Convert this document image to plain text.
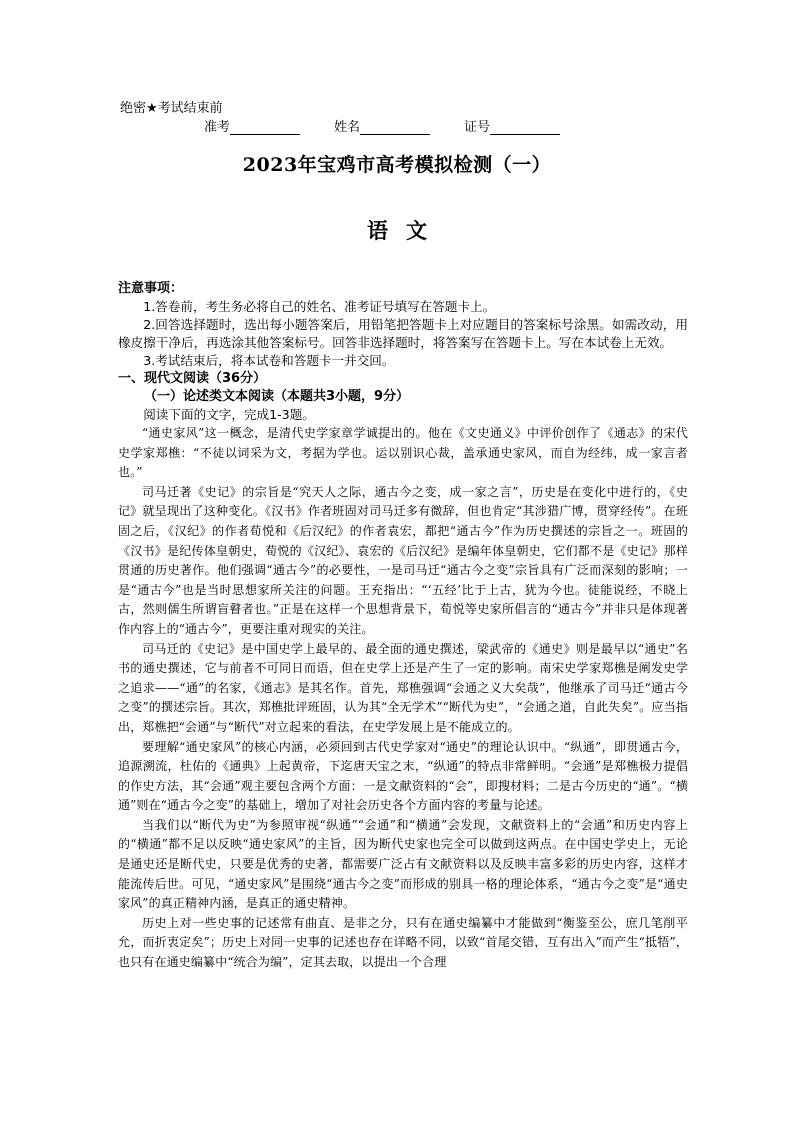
绝密★考试结束前
准考	姓名	证号
2023年宝鸡市高考模拟检测（一）
语文
注意事项：
1.答卷前，考生务必将自己的姓名、准考证号填写在答题卡上。
2.回答选择题时，选出每小题答案后，用铅笔把答题卡上对应题目的答案标号涂黑。如需改动，用橡皮擦干净后，再选涂其他答案标号。回答非选择题时，将答案写在答题卡上。写在本试卷上无效。
3.考试结束后，将本试卷和答题卡一并交回。
一、现代文阅读（36分）
（一）论述类文本阅读（本题共3小题，9分）
阅读下面的文字，完成1-3题。
“通史家风”这一概念，是清代史学家章学诚提出的。他在《文史通义》中评价创作了《通志》的宋代史学家郑樵：“不徒以词采为文，考据为学也。运以别识心裁，盖承通史家风，而自为经纬，成一家言者也。”
司马迁著《史记》的宗旨是“究天人之际，通古今之变，成一家之言”，历史是在变化中进行的，《史记》就呈现出了这种变化。《汉书》作者班固对司马迁多有微辞，但也肯定“其涉猎广博，贯穿经传”。在班固之后，《汉纪》的作者荀悦和《后汉纪》的作者袁宏，都把“通古今”作为历史撰述的宗旨之一。班固的《汉书》是纪传体皇朝史，荀悦的《汉纪》、袁宏的《后汉纪》是编年体皇朝史，它们都不是《史记》那样贯通的历史著作。他们强调“通古今”的必要性，一是司马迁“通古今之变”宗旨具有广泛而深刻的影响；一是“通古今”也是当时思想家所关注的问题。王充指出：“‘五经’比于上古，犹为今也。徒能说经，不晓上古，然则儒生所谓盲瞽者也。”正是在这样一个思想背景下，荀悦等史家所倡言的“通古今”并非只是体现著作内容上的“通古今”，更要注重对现实的关注。
司马迁的《史记》是中国史学上最早的、最全面的通史撰述，梁武帝的《通史》则是最早以“通史”名书的通史撰述，它与前者不可同日而语，但在史学上还是产生了一定的影响。南宋史学家郑樵是阐发史学之追求——“通”的名家，《通志》是其名作。首先，郑樵强调“会通之义大矣哉”，他继承了司马迁“通古今之变”的撰述宗旨。其次，郑樵批评班固，认为其“全无学术”“断代为史”，“会通之道，自此失矣”。应当指出，郑樵把“会通”与“断代”对立起来的看法，在史学发展上是不能成立的。
要理解“通史家风”的核心内涵，必须回到古代史学家对“通史”的理论认识中。“纵通”，即贯通古今，追源溯流，杜佑的《通典》上起黄帝，下迄唐天宝之末，“纵通”的特点非常鲜明。“会通”是郑樵极力提倡的作史方法，其“会通”观主要包含两个方面：一是文献资料的“会”，即搜材料；二是古今历史的“通”。“横通”则在“通古今之变”的基础上，增加了对社会历史各个方面内容的考量与论述。
当我们以“断代为史”为参照审视“纵通”“会通”和“横通”会发现，文献资料上的“会通”和历史内容上的“横通”都不足以反映“通史家风”的主旨，因为断代史家也完全可以做到这两点。在中国史学史上，无论是通史还是断代史，只要是优秀的史著，都需要广泛占有文献资料以及反映丰富多彩的历史内容，这样才能流传后世。可见，“通史家风”是围绕“通古今之变”而形成的别具一格的理论体系，“通古今之变”是“通史家风”的真正精神内涵，是真正的通史精神。
历史上对一些史事的记述常有曲直、是非之分，只有在通史编纂中才能做到“衡鉴至公，庶几笔削平允，而折衷定矣”；历史上对同一史事的记述也存在详略不同，以致“首尾交错，互有出入”而产生“抵牾”，也只有在通史编纂中“统合为编”，定其去取，以提出一个合理
